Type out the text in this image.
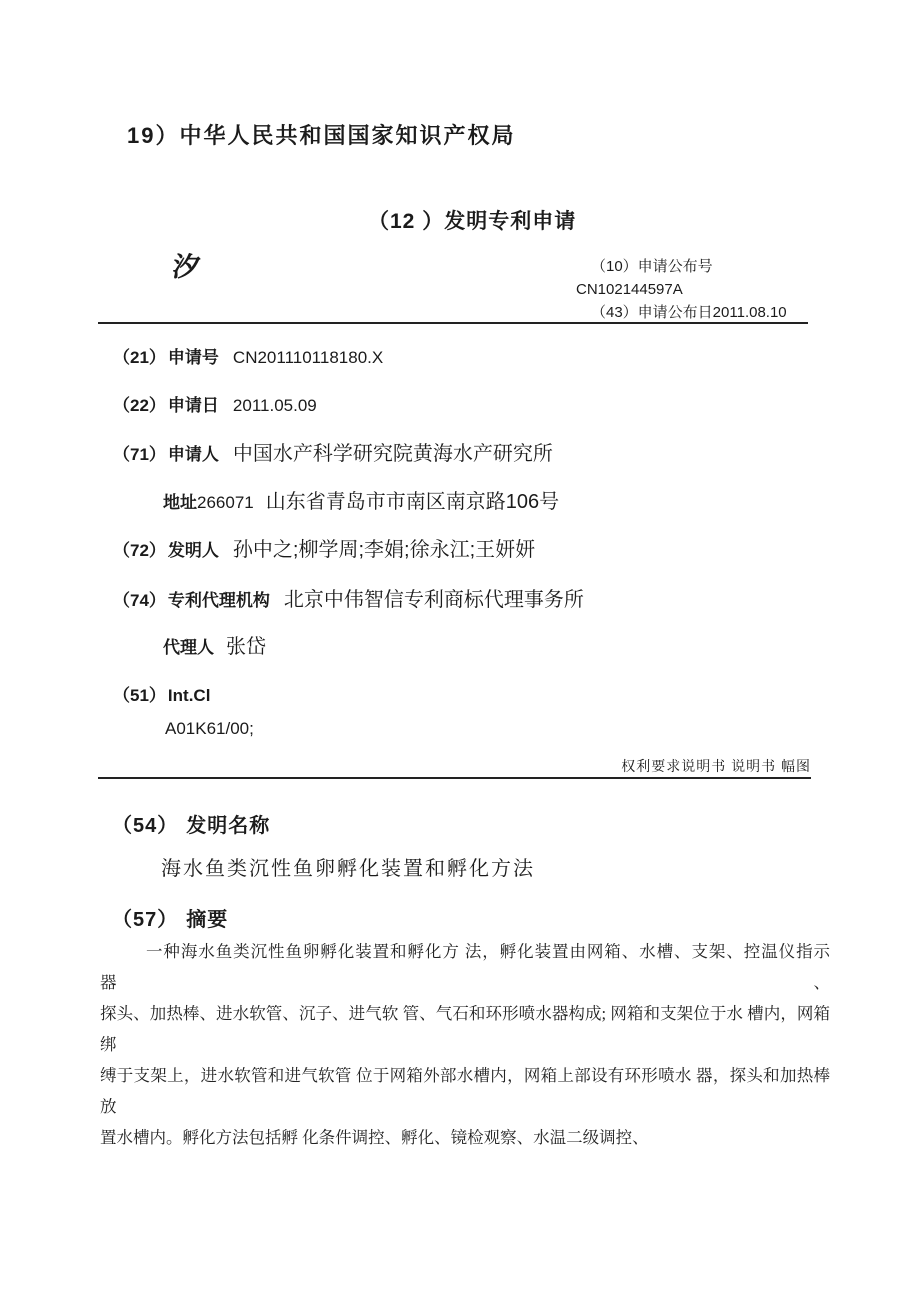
19）中华人民共和国国家知识产权局
（12 ）发明专利申请
汐	（10）申请公布号
CN102144597A
（43）申请公布日2011.08.10
（21） 申请号 CN201110118180.X
（22） 申请日 2011.05.09
（71） 申请人 中国水产科学研究院黄海水产研究所
地址266071 山东省青岛市市南区南京路106号
（72） 发明人 孙中之;柳学周;李娟;徐永江;王妍妍
（74） 专利代理机构 北京中伟智信专利商标代理事务所
代理人 张岱
（51） Int.Cl
A01K61/00;
权利要求说明书 说明书 幅图
（54） 发明名称
海水鱼类沉性鱼卵孵化装置和孵化方法
（57） 摘要
一种海水鱼类沉性鱼卵孵化装置和孵化方 法，孵化装置由网箱、水槽、支架、控温仪指示 器、
探头、加热棒、进水软管、沉子、进气软 管、气石和环形喷水器构成; 网箱和支架位于水 槽内，网箱绑
缚于支架上，进水软管和进气软管 位于网箱外部水槽内，网箱上部设有环形喷水 器，探头和加热棒放
置水槽内。孵化方法包括孵 化条件调控、孵化、镜检观察、水温二级调控、
